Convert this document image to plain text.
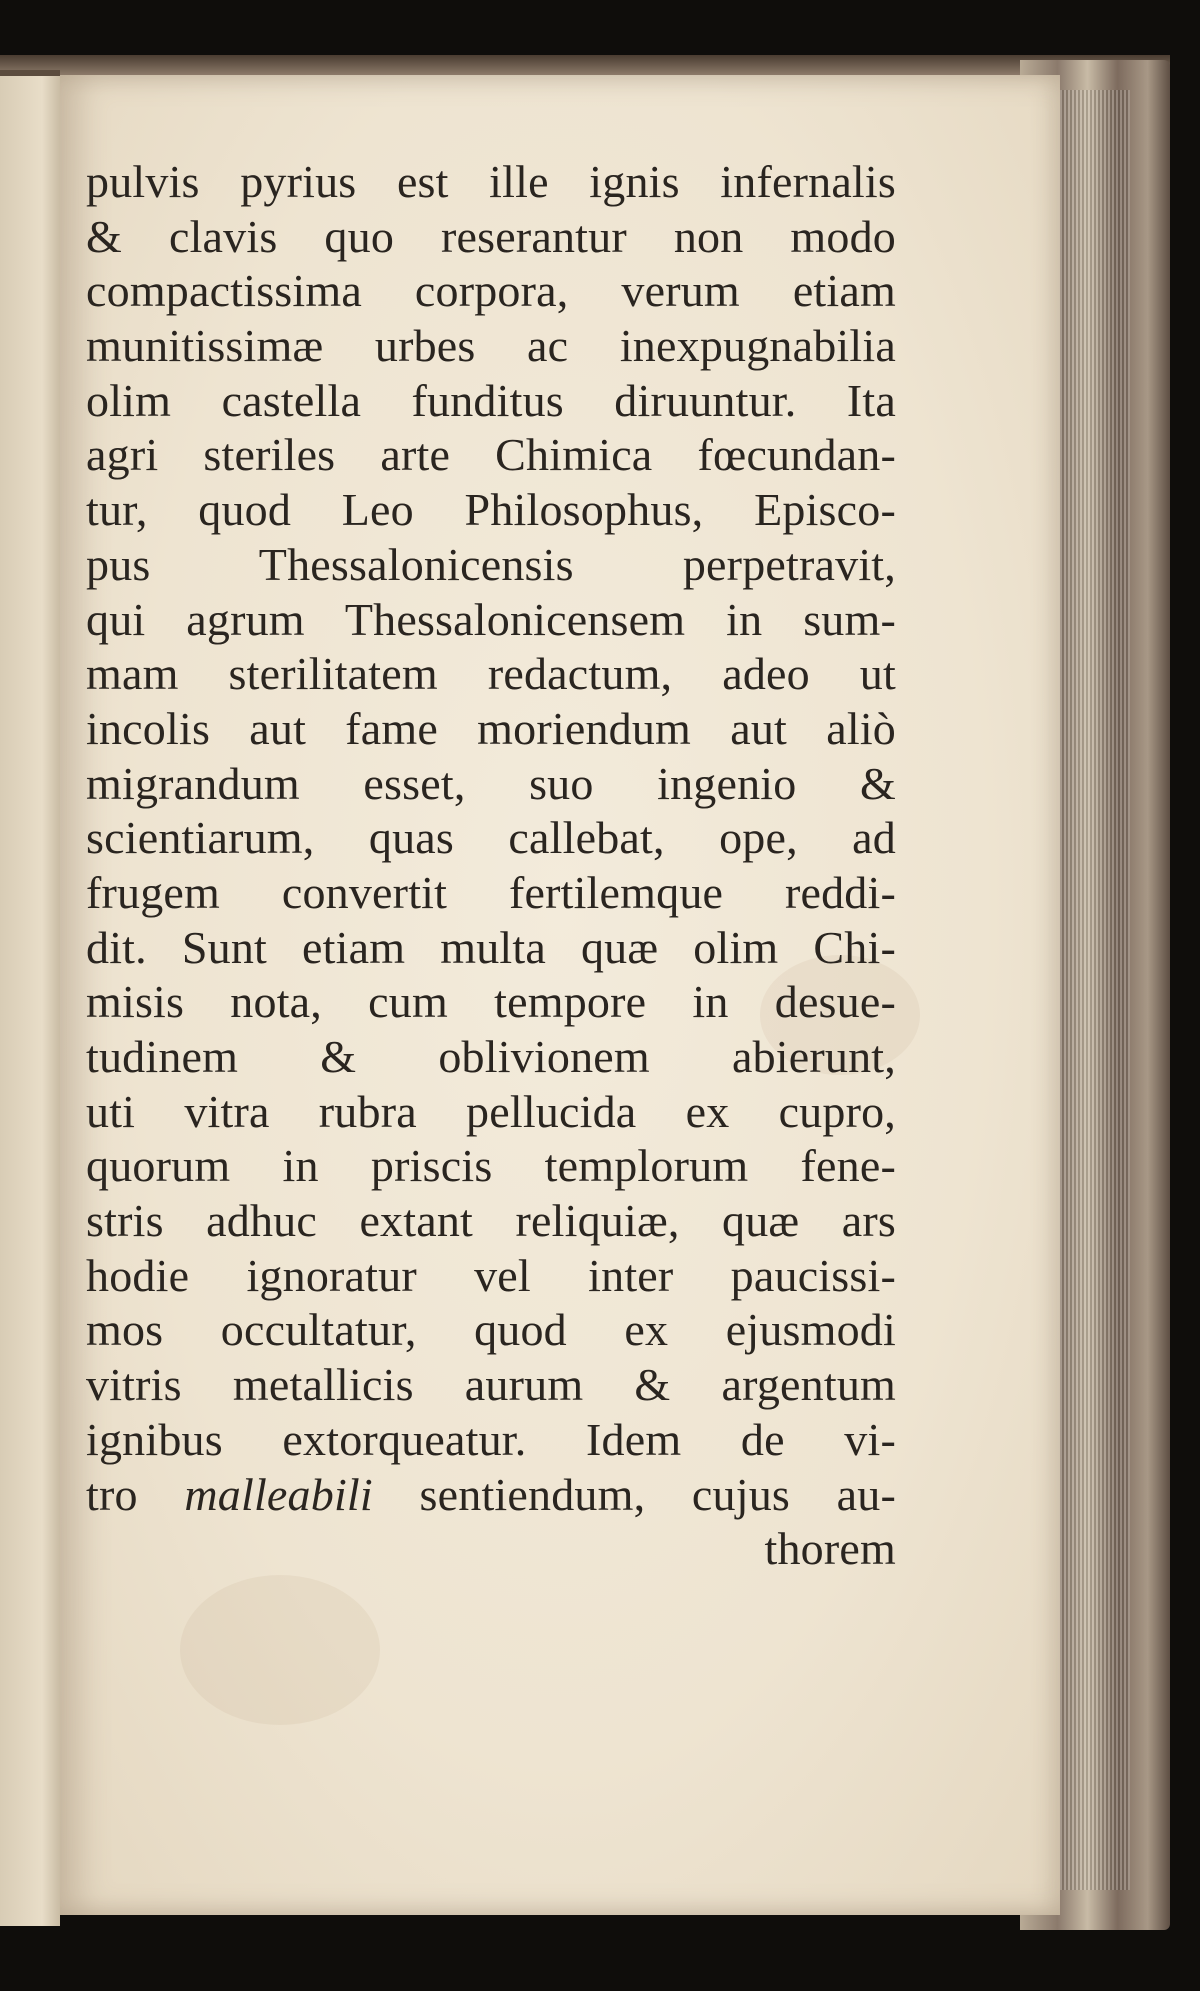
pulvis pyrius est ille ignis infernalis
& clavis quo reserantur non modo
compactissima corpora, verum etiam
munitissimæ urbes ac inexpugnabilia
olim castella funditus diruuntur. Ita
agri steriles arte Chimica fœcundan-
tur, quod Leo Philosophus, Episco-
pus Thessalonicensis perpetravit,
qui agrum Thessalonicensem in sum-
mam sterilitatem redactum, adeo ut
incolis aut fame moriendum aut aliò
migrandum esset, suo ingenio &
scientiarum, quas callebat, ope, ad
frugem convertit fertilemque reddi-
dit. Sunt etiam multa quæ olim Chi-
misis nota, cum tempore in desue-
tudinem & oblivionem abierunt,
uti vitra rubra pellucida ex cupro,
quorum in priscis templorum fene-
stris adhuc extant reliquiæ, quæ ars
hodie ignoratur vel inter paucissi-
mos occultatur, quod ex ejusmodi
vitris metallicis aurum & argentum
ignibus extorqueatur. Idem de vi-
tro malleabili sentiendum, cujus au-
thorem
